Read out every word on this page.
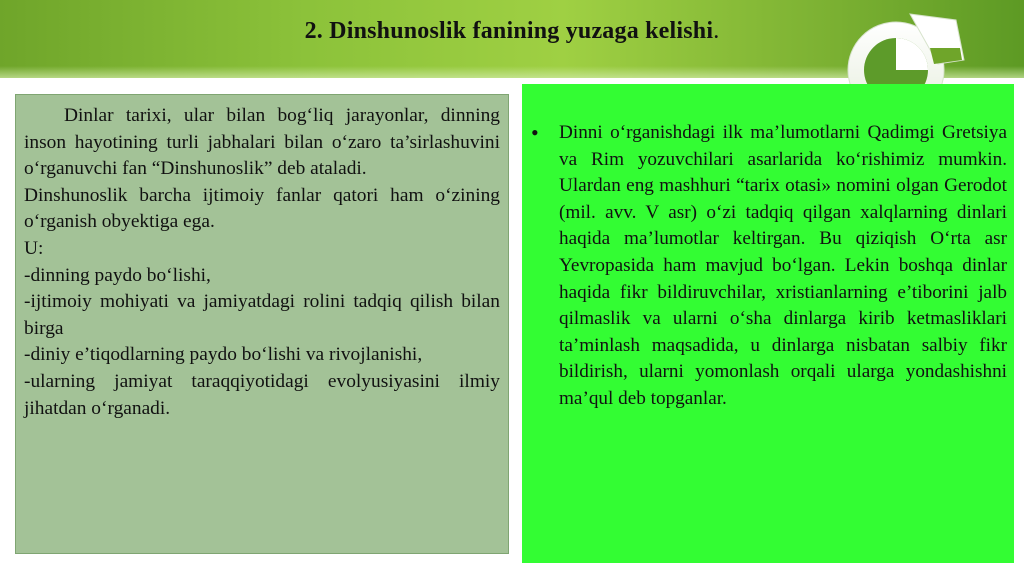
2. Dinshunoslik fanining yuzaga kelishi.

Dinlar tarixi, ular bilan bog‘liq jarayonlar, dinning inson hayotining turli jabhalari bilan o‘zaro ta’sirlashuvini o‘rganuvchi fan “Dinshunoslik” deb ataladi.

Dinshunoslik barcha ijtimoiy fanlar qatori ham o‘zining o‘rganish obyektiga ega.

U:

-dinning paydo bo‘lishi,

-ijtimoiy mohiyati va jamiyatdagi rolini tadqiq qilish bilan birga

-diniy e’tiqodlarning paydo bo‘lishi va rivojlanishi,

-ularning jamiyat taraqqiyotidagi evolyusiyasini ilmiy jihatdan o‘rganadi.

• Dinni o‘rganishdagi ilk ma’lumotlarni Qadimgi Gretsiya va Rim yozuvchilari asarlarida ko‘rishimiz mumkin. Ulardan eng mashhuri “tarix otasi» nomini olgan Gerodot (mil. avv. V asr) o‘zi tadqiq qilgan xalqlarning dinlari haqida ma’lumotlar keltirgan. Bu qiziqish O‘rta asr Yevropasida ham mavjud bo‘lgan. Lekin boshqa dinlar haqida fikr bildiruvchilar, xristianlarning e’tiborini jalb qilmaslik va ularni o‘sha dinlarga kirib ketmasliklari ta’minlash maqsadida, u dinlarga nisbatan salbiy fikr bildirish, ularni yomonlash orqali ularga yondashishni ma’qul deb topganlar.
